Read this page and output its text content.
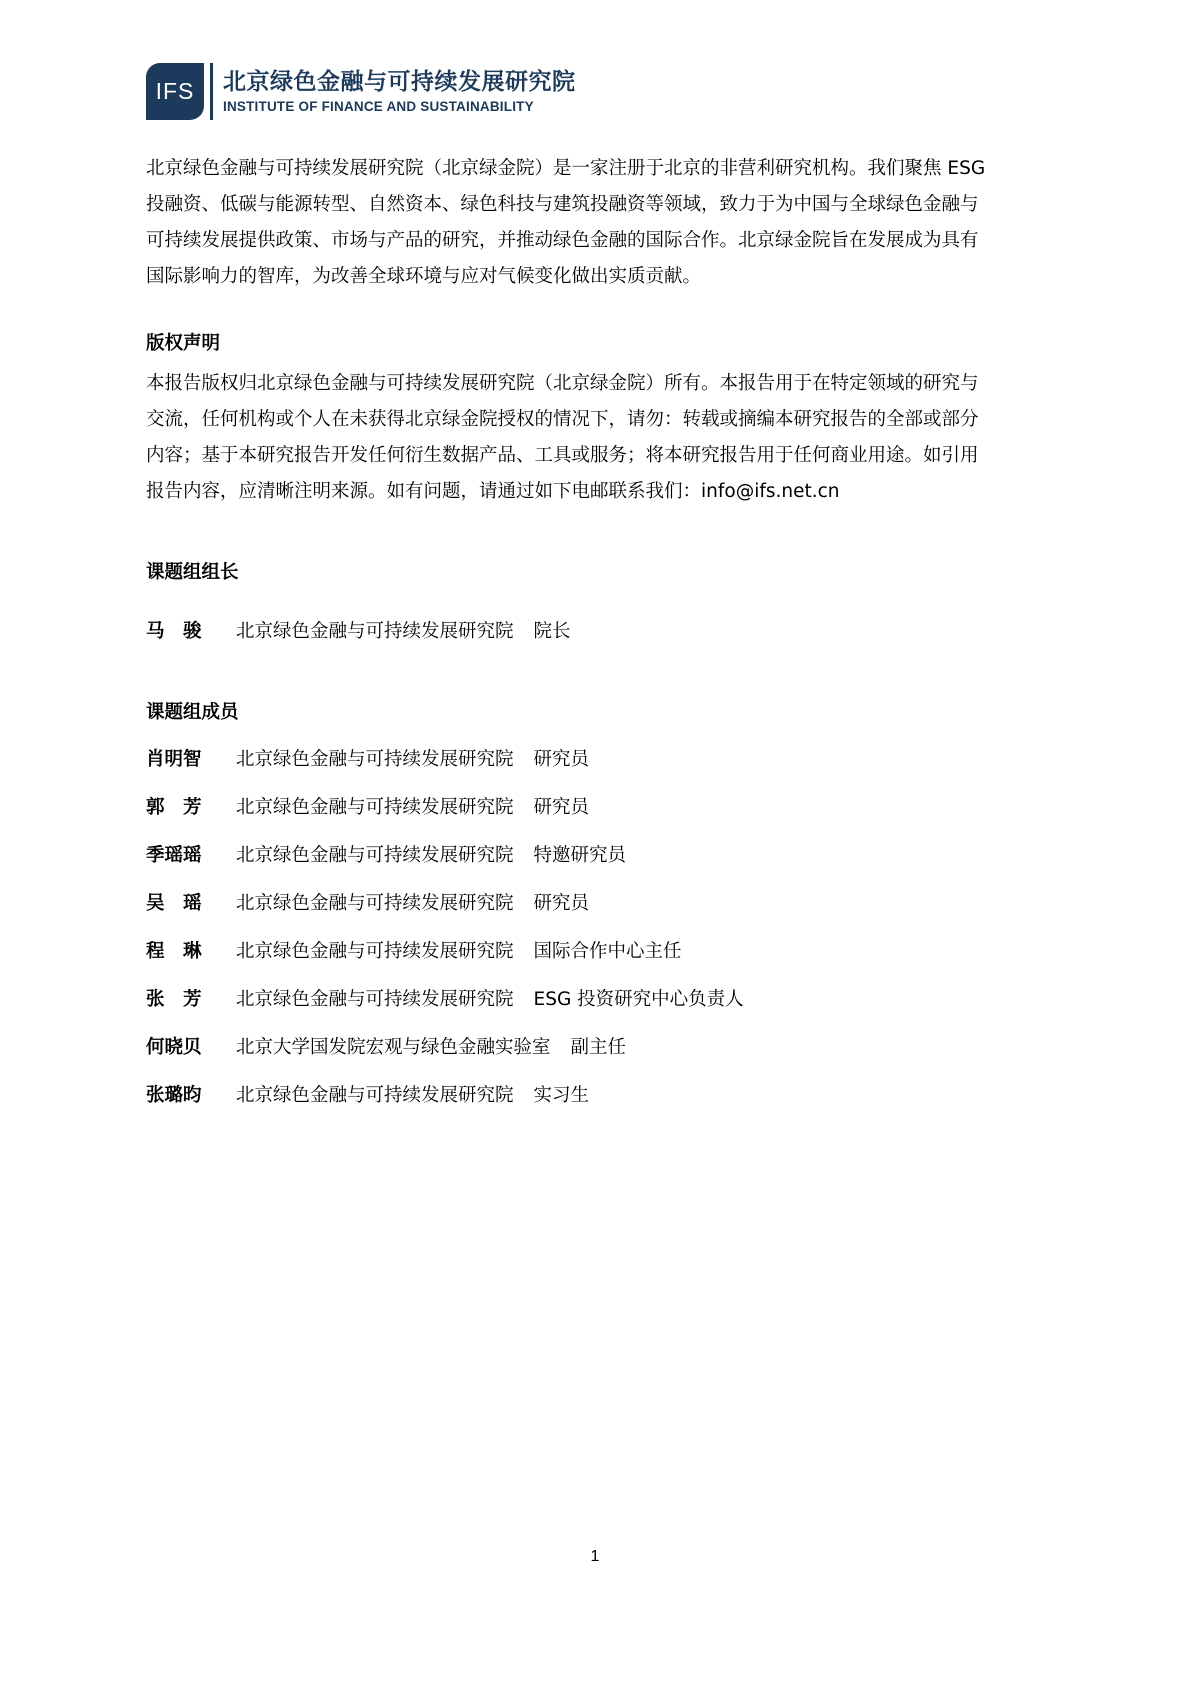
IFS	北京绿色金融与可持续发展研究院
INSTITUTE OF FINANCE AND SUSTAINABILITY
北京绿色金融与可持续发展研究院（北京绿金院）是一家注册于北京的非营利研究机构。我们聚焦 ESG
投融资、低碳与能源转型、自然资本、绿色科技与建筑投融资等领域，致力于为中国与全球绿色金融与
可持续发展提供政策、市场与产品的研究，并推动绿色金融的国际合作。北京绿金院旨在发展成为具有
国际影响力的智库，为改善全球环境与应对气候变化做出实质贡献。
版权声明
本报告版权归北京绿色金融与可持续发展研究院（北京绿金院）所有。本报告用于在特定领域的研究与
交流，任何机构或个人在未获得北京绿金院授权的情况下，请勿：转载或摘编本研究报告的全部或部分
内容；基于本研究报告开发任何衍生数据产品、工具或服务；将本研究报告用于任何商业用途。如引用
报告内容，应清晰注明来源。如有问题，请通过如下电邮联系我们：info@ifs.net.cn
课题组组长
马　骏 北京绿色金融与可持续发展研究院 院长
课题组成员
肖明智 北京绿色金融与可持续发展研究院 研究员
郭　芳 北京绿色金融与可持续发展研究院 研究员
季瑶瑶 北京绿色金融与可持续发展研究院 特邀研究员
吴　瑶 北京绿色金融与可持续发展研究院 研究员
程　琳 北京绿色金融与可持续发展研究院 国际合作中心主任
张　芳 北京绿色金融与可持续发展研究院 ESG 投资研究中心负责人
何晓贝 北京大学国发院宏观与绿色金融实验室 副主任
张璐昀 北京绿色金融与可持续发展研究院 实习生
1
